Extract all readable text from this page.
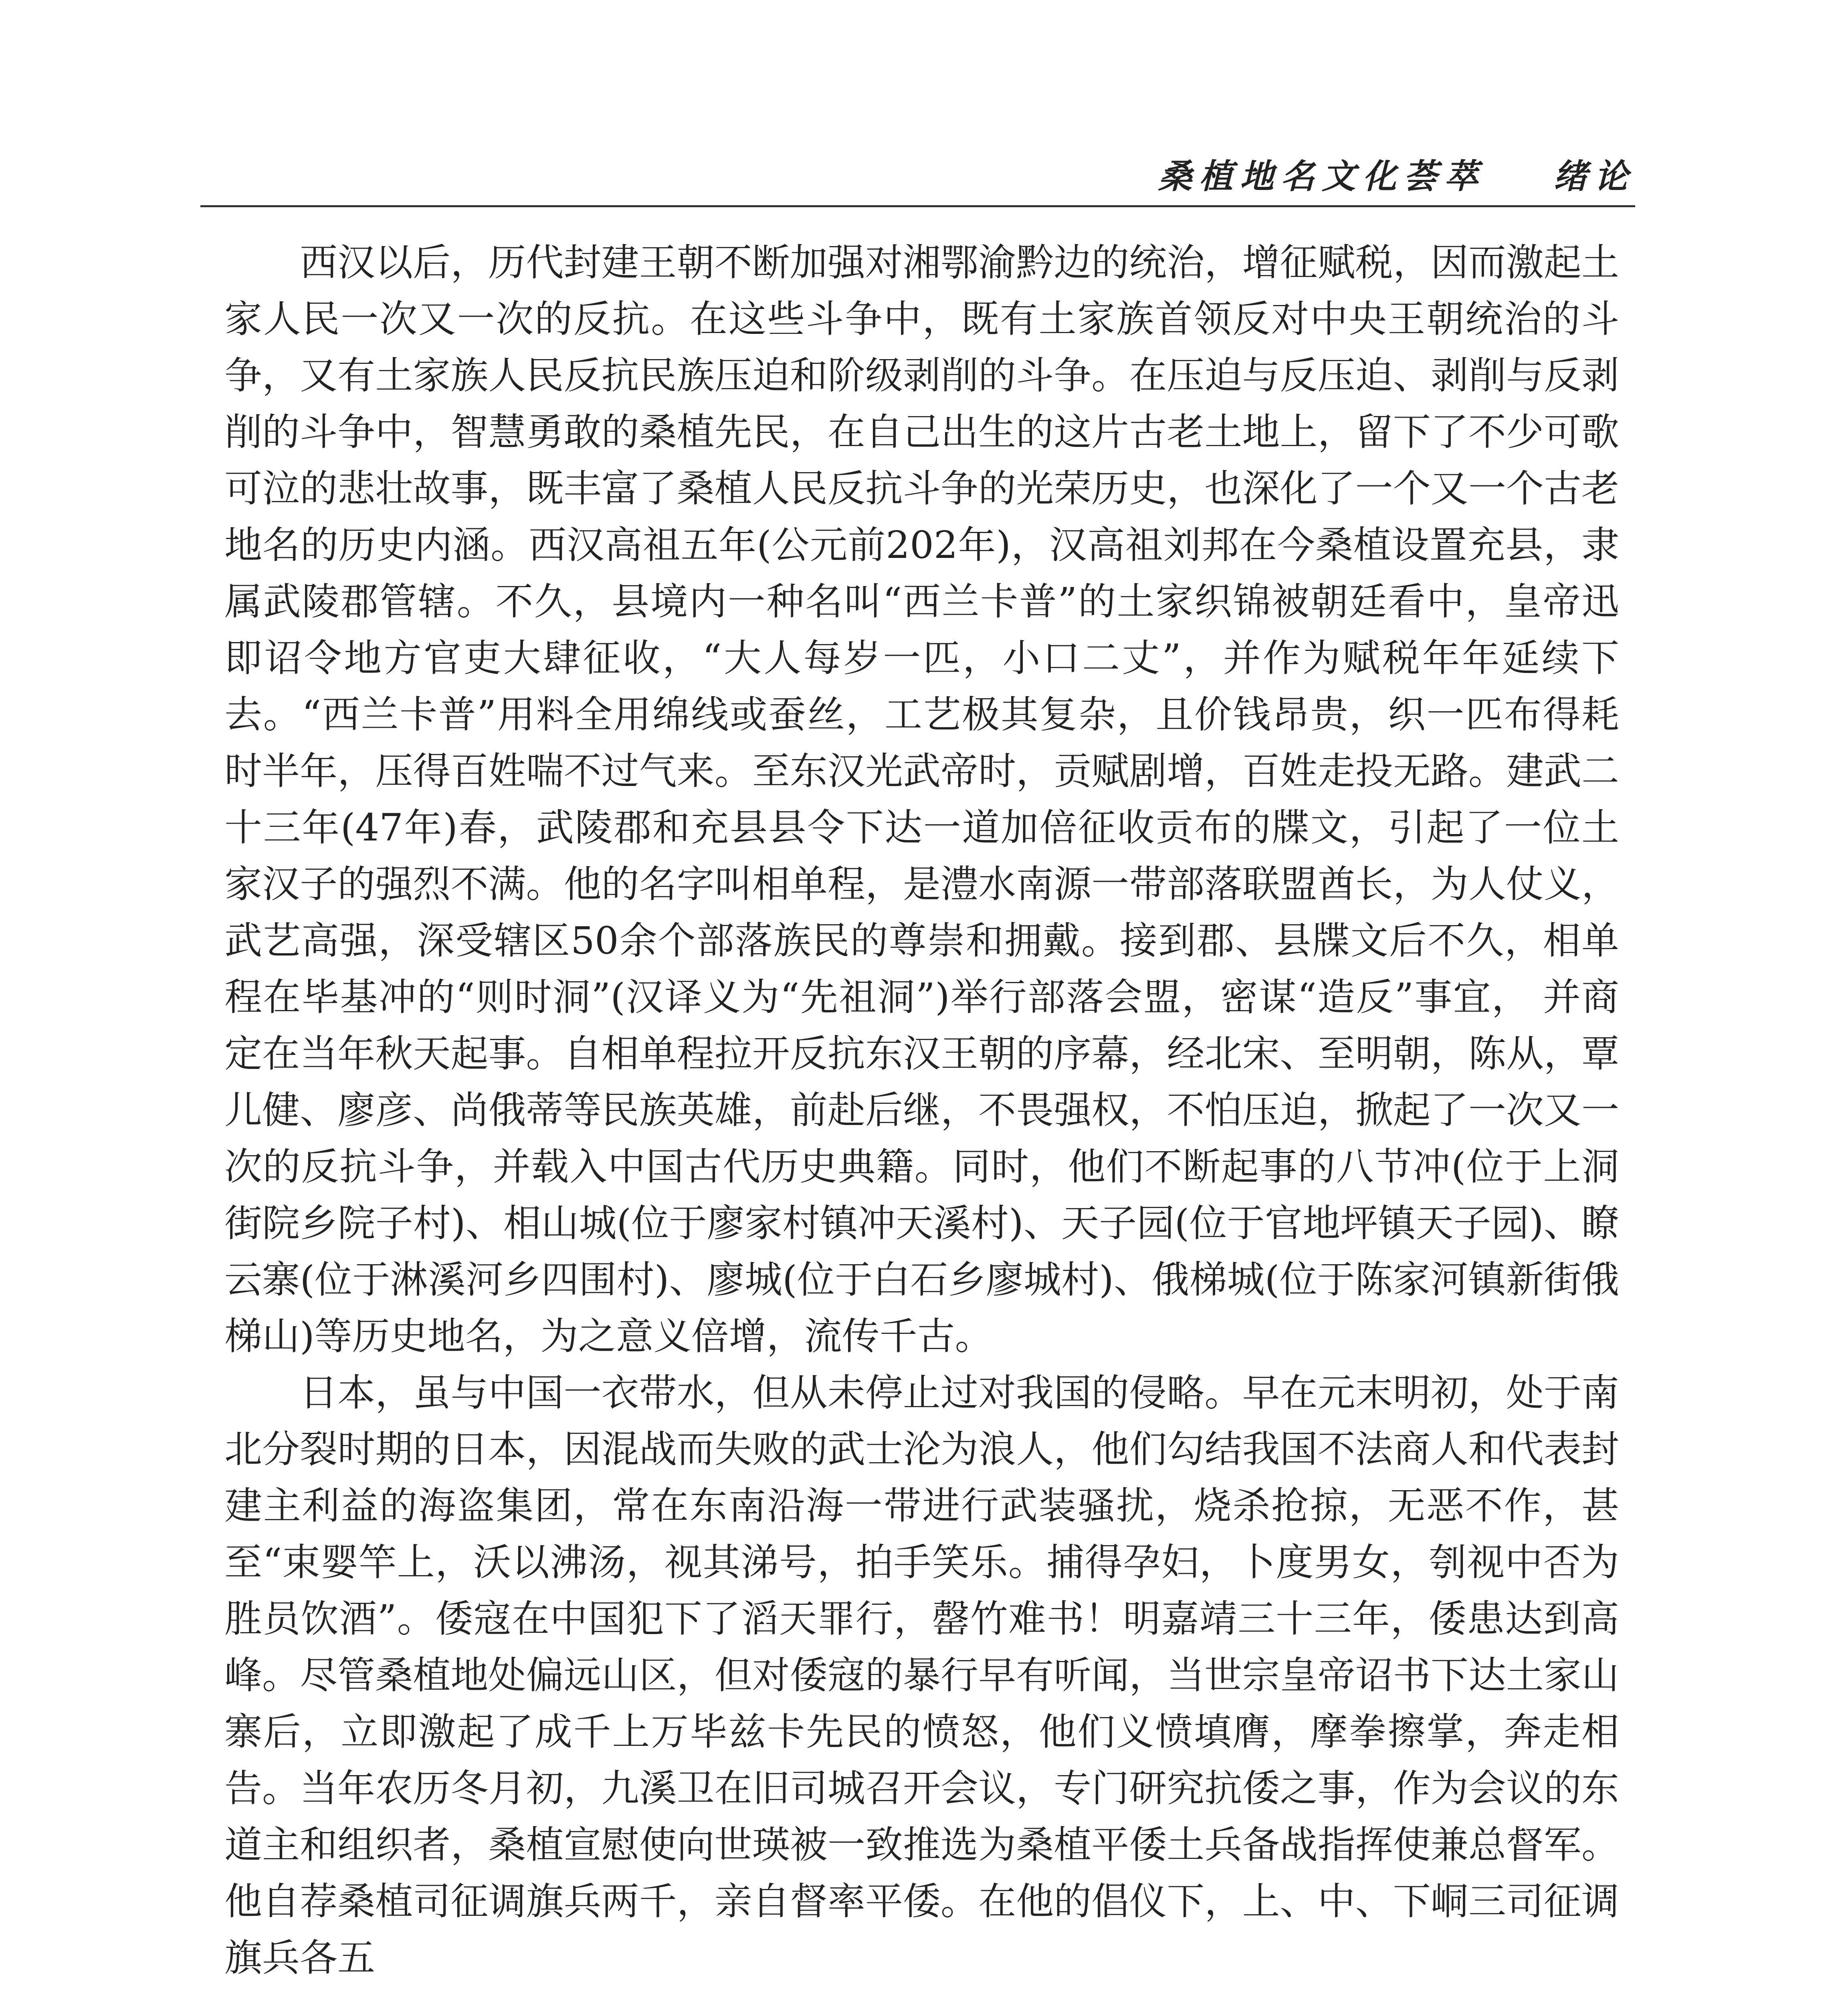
桑植地名文化荟萃 绪论

西汉以后，历代封建王朝不断加强对湘鄂渝黔边的统治，增征赋税，因而激起土家人民一次又一次的反抗。在这些斗争中，既有土家族首领反对中央王朝统治的斗争，又有土家族人民反抗民族压迫和阶级剥削的斗争。在压迫与反压迫、剥削与反剥削的斗争中，智慧勇敢的桑植先民，在自己出生的这片古老土地上，留下了不少可歌可泣的悲壮故事，既丰富了桑植人民反抗斗争的光荣历史，也深化了一个又一个古老地名的历史内涵。西汉高祖五年(公元前202年)，汉高祖刘邦在今桑植设置充县，隶属武陵郡管辖。不久，县境内一种名叫“西兰卡普”的土家织锦被朝廷看中，皇帝迅即诏令地方官吏大肆征收，“大人每岁一匹，小口二丈”，并作为赋税年年延续下去。“西兰卡普”用料全用绵线或蚕丝，工艺极其复杂，且价钱昂贵，织一匹布得耗时半年，压得百姓喘不过气来。至东汉光武帝时，贡赋剧增，百姓走投无路。建武二十三年(47年)春，武陵郡和充县县令下达一道加倍征收贡布的牒文，引起了一位土家汉子的强烈不满。他的名字叫相单程，是澧水南源一带部落联盟酋长，为人仗义，武艺高强，深受辖区50余个部落族民的尊崇和拥戴。接到郡、县牒文后不久，相单程在毕基冲的“则时洞”(汉译义为“先祖洞”)举行部落会盟，密谋“造反”事宜， 并商定在当年秋天起事。自相单程拉开反抗东汉王朝的序幕，经北宋、至明朝，陈从，覃儿健、廖彦、尚俄蒂等民族英雄，前赴后继，不畏强权，不怕压迫，掀起了一次又一次的反抗斗争，并载入中国古代历史典籍。同时，他们不断起事的八节冲(位于上洞街院乡院子村)、相山城(位于廖家村镇冲天溪村)、天子园(位于官地坪镇天子园)、瞭云寨(位于淋溪河乡四围村)、廖城(位于白石乡廖城村)、俄梯城(位于陈家河镇新街俄梯山)等历史地名，为之意义倍增，流传千古。

日本，虽与中国一衣带水，但从未停止过对我国的侵略。早在元末明初，处于南北分裂时期的日本，因混战而失败的武士沦为浪人，他们勾结我国不法商人和代表封建主利益的海盗集团，常在东南沿海一带进行武装骚扰，烧杀抢掠，无恶不作，甚至“束婴竿上，沃以沸汤，视其涕号，拍手笑乐。捕得孕妇，卜度男女，刳视中否为胜员饮酒”。倭寇在中国犯下了滔天罪行，罄竹难书！明嘉靖三十三年，倭患达到高峰。尽管桑植地处偏远山区，但对倭寇的暴行早有听闻，当世宗皇帝诏书下达土家山寨后，立即激起了成千上万毕兹卡先民的愤怒，他们义愤填膺，摩拳擦掌，奔走相告。当年农历冬月初，九溪卫在旧司城召开会议，专门研究抗倭之事，作为会议的东道主和组织者，桑植宣慰使向世瑛被一致推选为桑植平倭土兵备战指挥使兼总督军。他自荐桑植司征调旗兵两千，亲自督率平倭。在他的倡仪下，上、中、下峒三司征调旗兵各五
